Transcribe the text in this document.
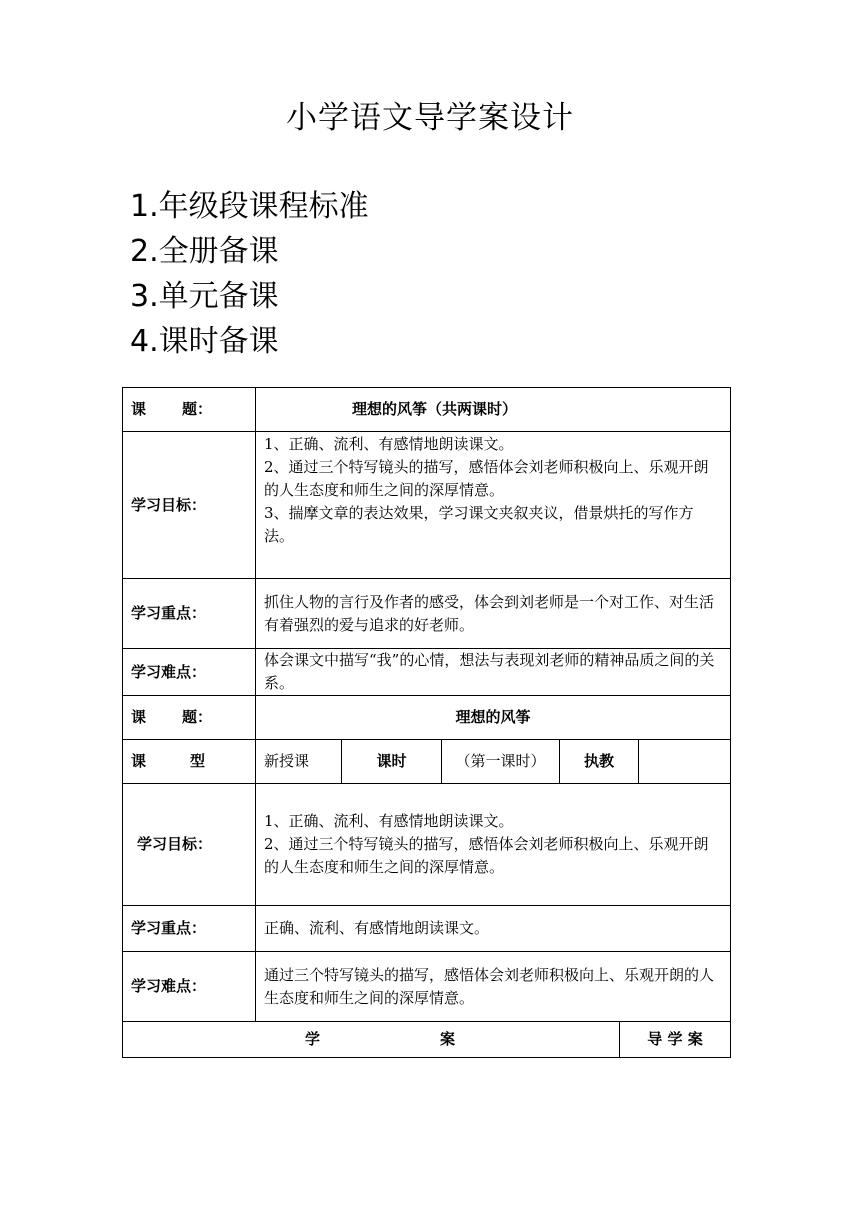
小学语文导学案设计
1.年级段课程标准
2.全册备课
3.单元备课
4.课时备课
课 题：	理想的风筝（共两课时）					
学习目标：	1、正确、流利、有感情地朗读课文。
2、通过三个特写镜头的描写，感悟体会刘老师积极向上、乐观开朗的人生态度和师生之间的深厚情意。
3、揣摩文章的表达效果，学习课文夹叙夹议，借景烘托的写作方法。					

学习重点：	抓住人物的言行及作者的感受，体会到刘老师是一个对工作、对生活有着强烈的爱与追求的好老师。					
学习难点：	体会课文中描写“我”的心情，想法与表现刘老师的精神品质之间的关系。					
课 题：	理想的风筝					
课 型	新授课	课时	（第一课时）	执教		
学习目标：	1、正确、流利、有感情地朗读课文。
2、通过三个特写镜头的描写，感悟体会刘老师积极向上、乐观开朗的人生态度和师生之间的深厚情意。					

学习重点：	正确、流利、有感情地朗读课文。					
学习难点：	通过三个特写镜头的描写，感悟体会刘老师积极向上、乐观开朗的人生态度和师生之间的深厚情意。					
学 案					导 学 案	
